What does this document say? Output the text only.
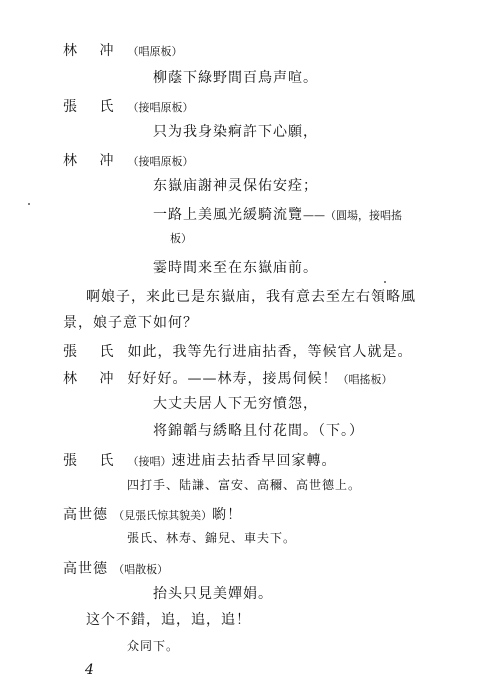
林 冲 （唱原板）
柳蔭下綠野間百鳥声喧。
張 氏 （接唱原板）
只为我身染痾許下心願，
林 冲 （接唱原板）
东嶽庙謝神灵保佑安痊；
一路上美風光緩騎流覽——（圓場，接唱搖
板）
霎時間来至在东嶽庙前。
啊娘子，来此已是东嶽庙，我有意去至左右領略風
景，娘子意下如何？
張 氏 如此，我等先行进庙拈香，等候官人就是。
林 冲 好好好。——林寿，接馬伺候！（唱搖板）
大丈夫居人下无穷憤怨，
将錦韜与綉略且付花間。（下。）
張 氏 （接唱）速进庙去拈香早回家轉。
四打手、陆謙、富安、高穪、高世德上。
高世德 （見張氏惊其貌美）喲！
張氏、林寿、錦兒、車夫下。
高世德 （唱散板）
抬头只見美嬋娟。
这个不錯，追，追，追！
众同下。
4
